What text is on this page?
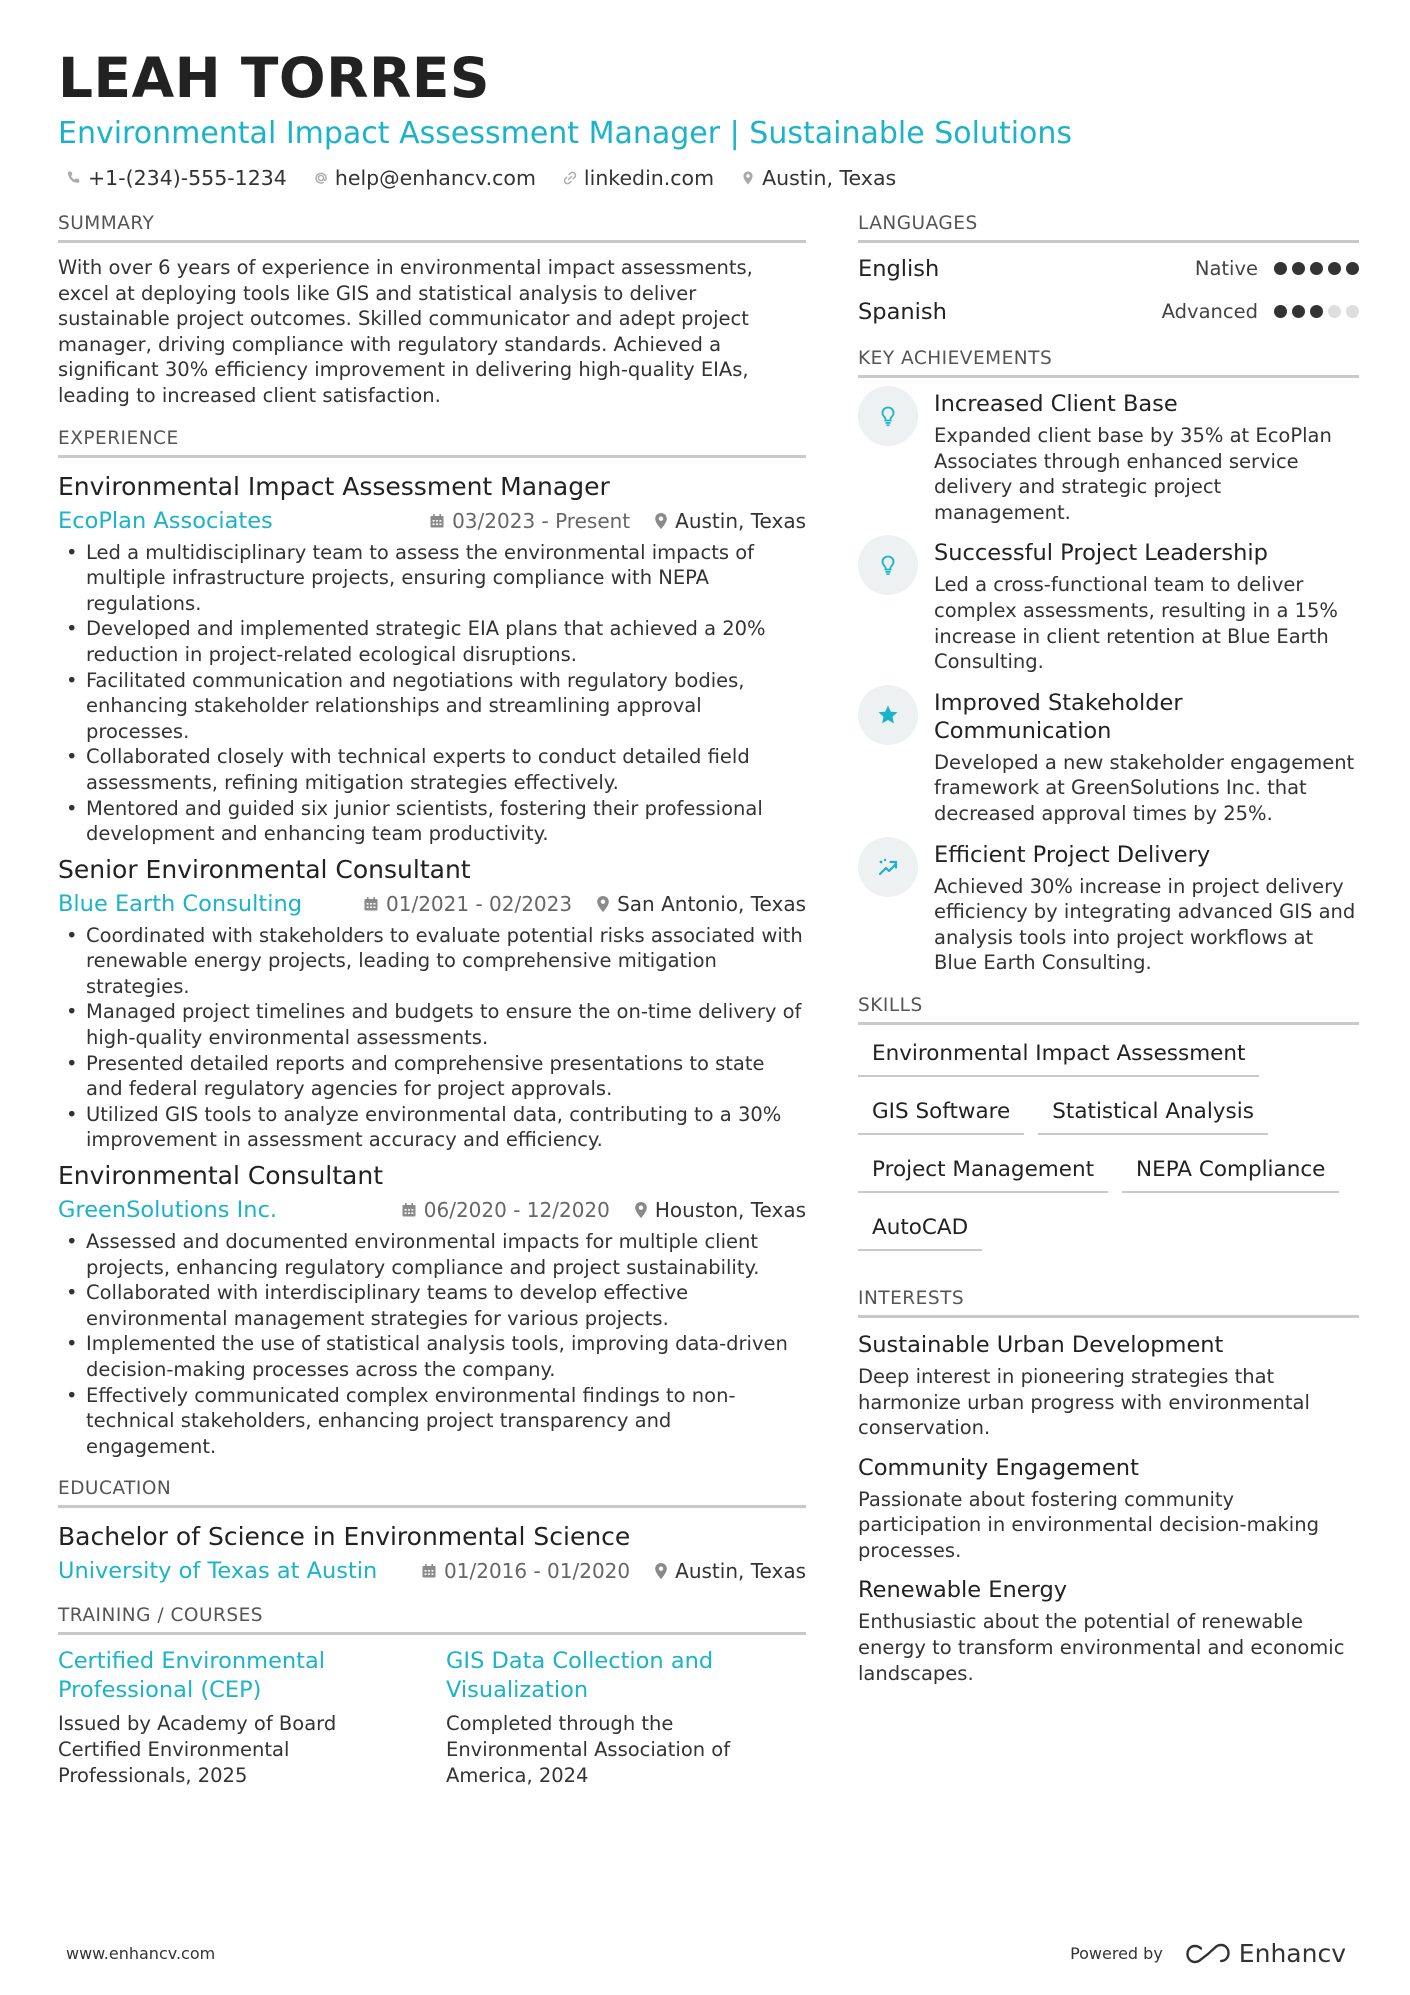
LEAH TORRES
Environmental Impact Assessment Manager | Sustainable Solutions
+1-(234)-555-1234 help@enhancv.com linkedin.com Austin, Texas
SUMMARY
With over 6 years of experience in environmental impact assessments, excel at deploying tools like GIS and statistical analysis to deliver sustainable project outcomes. Skilled communicator and adept project manager, driving compliance with regulatory standards. Achieved a significant 30% efficiency improvement in delivering high-quality EIAs, leading to increased client satisfaction.
EXPERIENCE
Environmental Impact Assessment Manager
EcoPlan Associates	03/2023 - Present Austin, Texas
• Led a multidisciplinary team to assess the environmental impacts of multiple infrastructure projects, ensuring compliance with NEPA regulations.
• Developed and implemented strategic EIA plans that achieved a 20% reduction in project-related ecological disruptions.
• Facilitated communication and negotiations with regulatory bodies, enhancing stakeholder relationships and streamlining approval processes.
• Collaborated closely with technical experts to conduct detailed field assessments, refining mitigation strategies effectively.
• Mentored and guided six junior scientists, fostering their professional development and enhancing team productivity.
Senior Environmental Consultant
Blue Earth Consulting	01/2021 - 02/2023 San Antonio, Texas
• Coordinated with stakeholders to evaluate potential risks associated with renewable energy projects, leading to comprehensive mitigation strategies.
• Managed project timelines and budgets to ensure the on-time delivery of high-quality environmental assessments.
• Presented detailed reports and comprehensive presentations to state and federal regulatory agencies for project approvals.
• Utilized GIS tools to analyze environmental data, contributing to a 30% improvement in assessment accuracy and efficiency.
Environmental Consultant
GreenSolutions Inc.	06/2020 - 12/2020 Houston, Texas
• Assessed and documented environmental impacts for multiple client projects, enhancing regulatory compliance and project sustainability.
• Collaborated with interdisciplinary teams to develop effective environmental management strategies for various projects.
• Implemented the use of statistical analysis tools, improving data-driven decision-making processes across the company.
• Effectively communicated complex environmental findings to non-technical stakeholders, enhancing project transparency and engagement.
EDUCATION
Bachelor of Science in Environmental Science
University of Texas at Austin	01/2016 - 01/2020 Austin, Texas
TRAINING / COURSES
Certified Environmental Professional (CEP)
Issued by Academy of Board Certified Environmental Professionals, 2025
GIS Data Collection and Visualization
Completed through the Environmental Association of America, 2024
LANGUAGES
English	Native
Spanish	Advanced
KEY ACHIEVEMENTS
Increased Client Base
Expanded client base by 35% at EcoPlan Associates through enhanced service delivery and strategic project management.
Successful Project Leadership
Led a cross-functional team to deliver complex assessments, resulting in a 15% increase in client retention at Blue Earth Consulting.
Improved Stakeholder Communication
Developed a new stakeholder engagement framework at GreenSolutions Inc. that decreased approval times by 25%.
Efficient Project Delivery
Achieved 30% increase in project delivery efficiency by integrating advanced GIS and analysis tools into project workflows at Blue Earth Consulting.
SKILLS
Environmental Impact Assessment
GIS Software	Statistical Analysis
Project Management	NEPA Compliance
AutoCAD
INTERESTS
Sustainable Urban Development
Deep interest in pioneering strategies that harmonize urban progress with environmental conservation.
Community Engagement
Passionate about fostering community participation in environmental decision-making processes.
Renewable Energy
Enthusiastic about the potential of renewable energy to transform environmental and economic landscapes.
www.enhancv.com	Powered by	Enhancv
